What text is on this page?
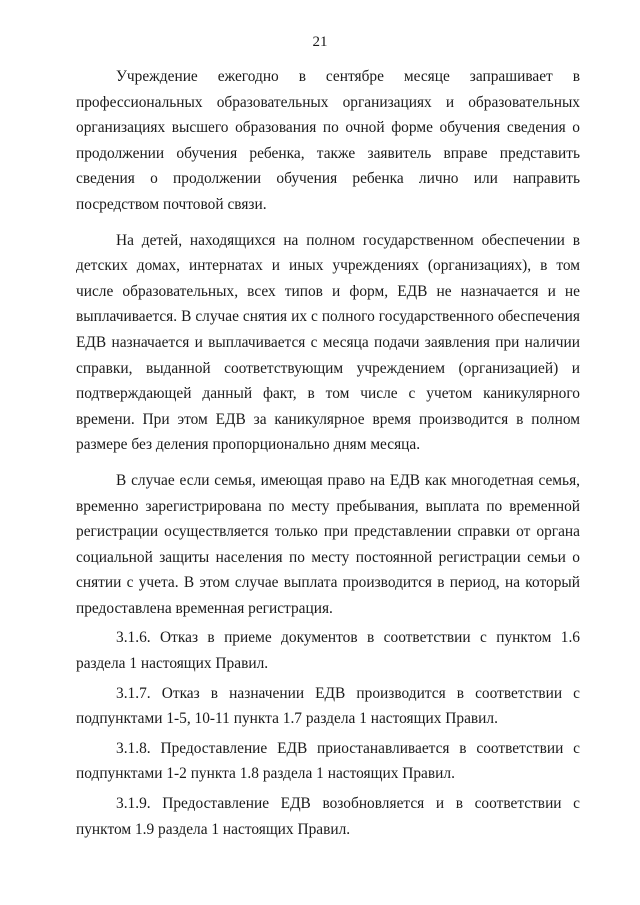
21

Учреждение ежегодно в сентябре месяце запрашивает в профессиональных образовательных организациях и образовательных организациях высшего образования по очной форме обучения сведения о продолжении обучения ребенка, также заявитель вправе представить сведения о продолжении обучения ребенка лично или направить посредством почтовой связи.

На детей, находящихся на полном государственном обеспечении в детских домах, интернатах и иных учреждениях (организациях), в том числе образовательных, всех типов и форм, ЕДВ не назначается и не выплачивается. В случае снятия их с полного государственного обеспечения ЕДВ назначается и выплачивается с месяца подачи заявления при наличии справки, выданной соответствующим учреждением (организацией) и подтверждающей данный факт, в том числе с учетом каникулярного времени. При этом ЕДВ за каникулярное время производится в полном размере без деления пропорционально дням месяца.

В случае если семья, имеющая право на ЕДВ как многодетная семья, временно зарегистрирована по месту пребывания, выплата по временной регистрации осуществляется только при представлении справки от органа социальной защиты населения по месту постоянной регистрации семьи о снятии с учета. В этом случае выплата производится в период, на который предоставлена временная регистрация.

3.1.6. Отказ в приеме документов в соответствии с пунктом 1.6 раздела 1 настоящих Правил.

3.1.7. Отказ в назначении ЕДВ производится в соответствии с подпунктами 1-5, 10-11 пункта 1.7 раздела 1 настоящих Правил.

3.1.8. Предоставление ЕДВ приостанавливается в соответствии с подпунктами 1-2 пункта 1.8 раздела 1 настоящих Правил.

3.1.9. Предоставление ЕДВ возобновляется и в соответствии с пунктом 1.9 раздела 1 настоящих Правил.
